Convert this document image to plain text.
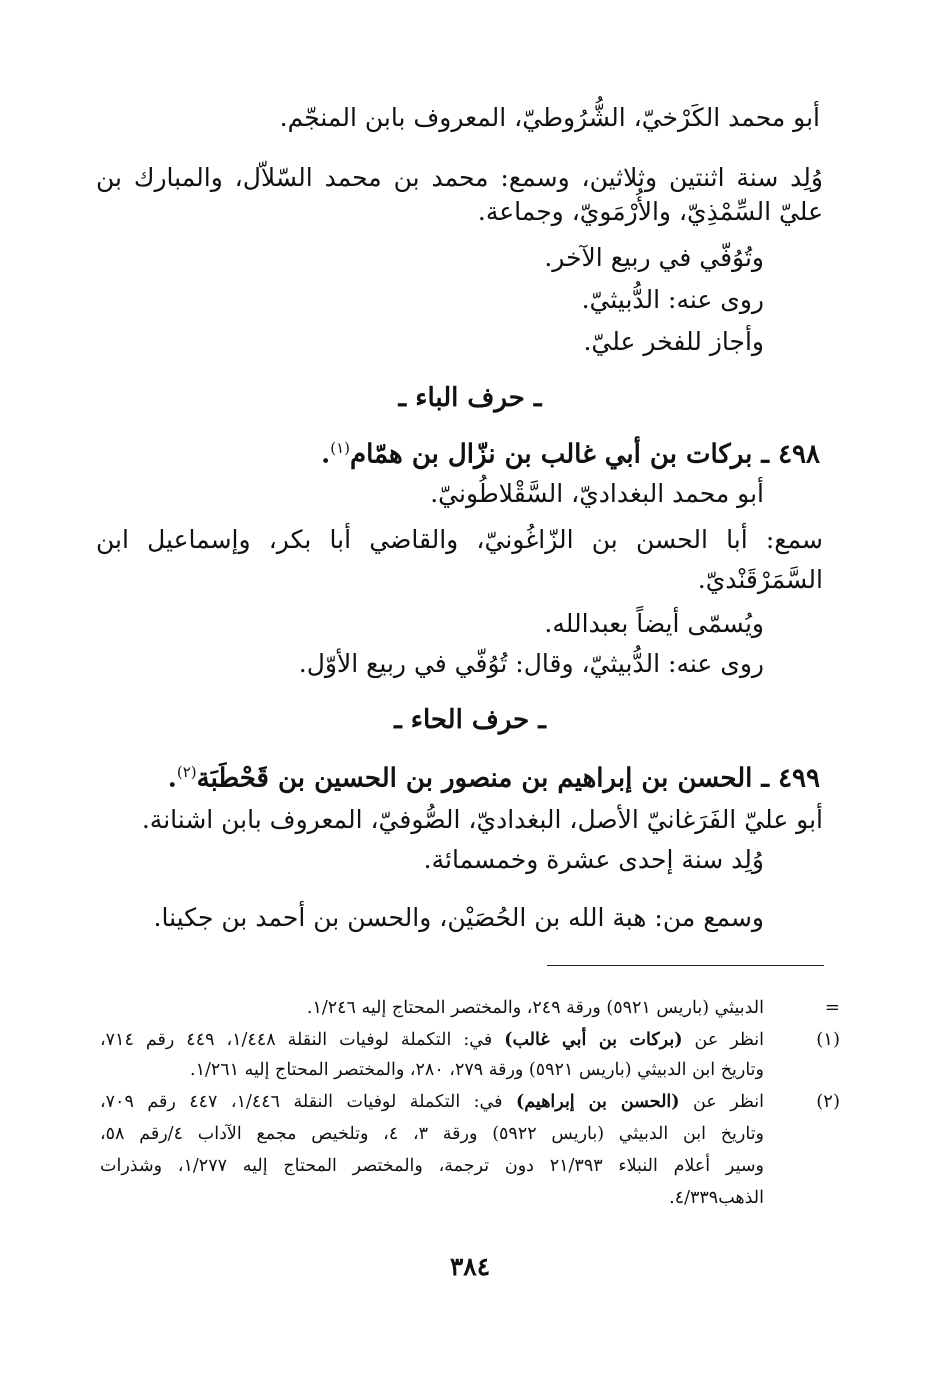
أبو محمد الكَرْخيّ، الشُّرُوطيّ، المعروف بابن المنجّم.

وُلِد سنة اثنتين وثلاثين، وسمع: محمد بن محمد السّلاّل، والمبارك بن

عليّ السِّمْذِيّ، والأُرْمَويّ، وجماعة.

وتُوُفّي في ربيع الآخر.

روى عنه: الدُّبيثيّ.

وأجاز للفخر عليّ.

ـ حرف الباء ـ

٤٩٨ ـ بركات بن أبي غالب بن نزّال بن همّام$^{(١)}$.

أبو محمد البغداديّ، السَّقْلاطُونيّ.

سمع: أبا الحسن بن الزّاغُونيّ، والقاضي أبا بكر، وإسماعيل ابن

السَّمَرْقَنْديّ.

ويُسمّى أيضاً بعبدالله.

روى عنه: الدُّبيثيّ، وقال: تُوُفّي في ربيع الأوّل.

ـ حرف الحاء ـ

٤٩٩ ـ الحسن بن إبراهيم بن منصور بن الحسين بن قَحْطَبَة$^{(٢)}$.

أبو عليّ الفَرَغانيّ الأصل، البغداديّ، الصُّوفيّ، المعروف بابن اشنانة.

وُلِد سنة إحدى عشرة وخمسمائة.

وسمع من: هبة الله بن الحُصَيْن، والحسن بن أحمد بن جكينا.

=

الدبيثي (باريس ٥٩٢١) ورقة ٢٤٩، والمختصر المحتاج إليه ١/٢٤٦.

(١)

انظر عن (بركات بن أبي غالب) في: التكملة لوفيات النقلة ١/٤٤٨، ٤٤٩ رقم ٧١٤،

وتاريخ ابن الدبيثي (باريس ٥٩٢١) ورقة ٢٧٩، ٢٨٠، والمختصر المحتاج إليه ١/٢٦١.

(٢)

انظر عن (الحسن بن إبراهيم) في: التكملة لوفيات النقلة ١/٤٤٦، ٤٤٧ رقم ٧٠٩،

وتاريخ ابن الدبيثي (باريس ٥٩٢٢) ورقة ٣، ٤، وتلخيص مجمع الآداب ٤/رقم ٥٨،

وسير أعلام النبلاء ٢١/٣٩٣ دون ترجمة، والمختصر المحتاج إليه ١/٢٧٧، وشذرات

الذهب٤/٣٣٩.

٣٨٤
